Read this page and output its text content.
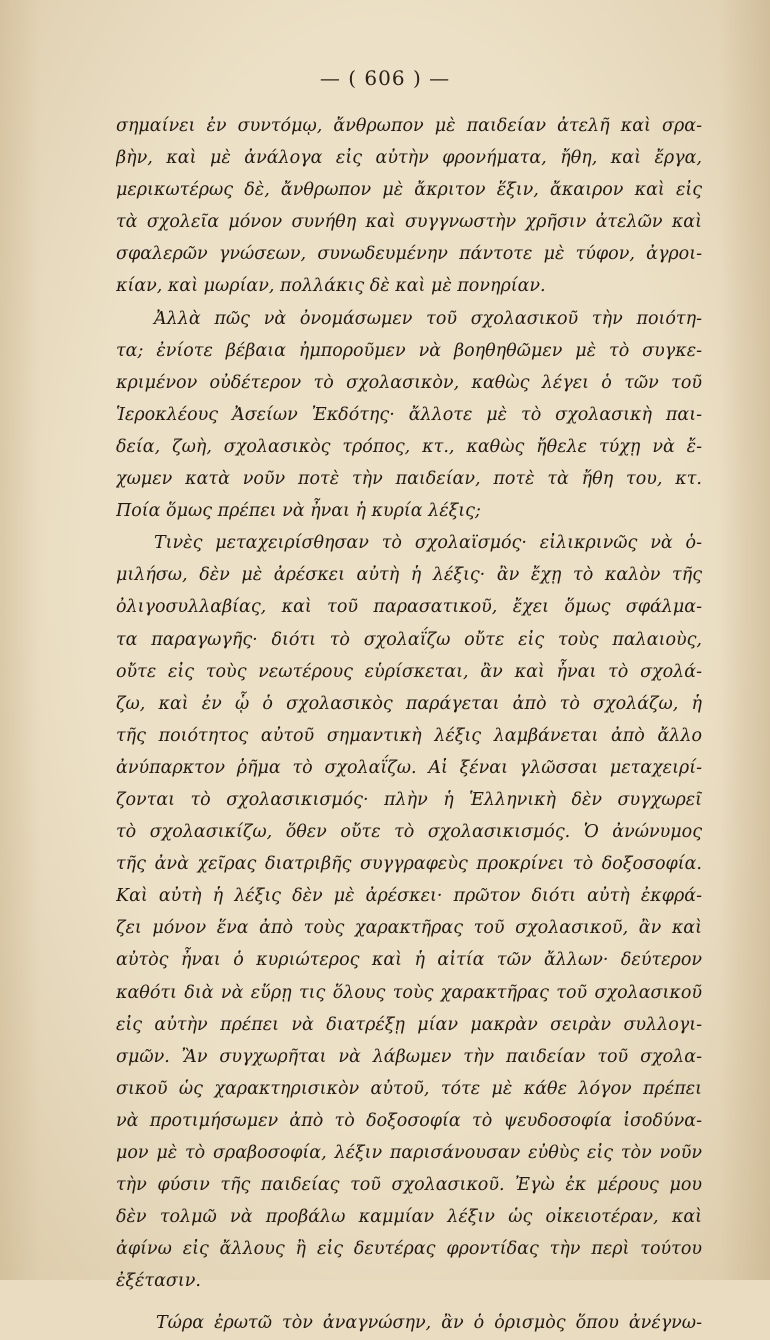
— ( 606 ) —
σημαίνει ἐν συντόμῳ, ἄνθρωπον μὲ παιδείαν ἀτελῆ καὶ σρα-
βὴν, καὶ μὲ ἀνάλογα εἰς αὐτὴν φρονήματα, ἤθη, καὶ ἔργα,
μερικωτέρως δὲ, ἄνθρωπον μὲ ἄκριτον ἕξιν, ἄκαιρον καὶ εἰς
τὰ σχολεῖα μόνον συνήθη καὶ συγγνωστὴν χρῆσιν ἀτελῶν καὶ
σφαλερῶν γνώσεων, συνωδευμένην πάντοτε μὲ τύφον, ἀγροι-
κίαν, καὶ μωρίαν, πολλάκις δὲ καὶ μὲ πονηρίαν.
Ἀλλὰ πῶς νὰ ὀνομάσωμεν τοῦ σχολασικοῦ τὴν ποιότη-
τα; ἐνίοτε βέβαια ἠμποροῦμεν νὰ βοηθηθῶμεν μὲ τὸ συγκε-
κριμένον οὐδέτερον τὸ σχολασικὸν, καθὼς λέγει ὁ τῶν τοῦ
Ἱεροκλέους Ἀσείων Ἐκδότης· ἄλλοτε μὲ τὸ σχολασικὴ παι-
δεία, ζωὴ, σχολασικὸς τρόπος, κτ., καθὼς ἤθελε τύχῃ νὰ ἔ-
χωμεν κατὰ νοῦν ποτὲ τὴν παιδείαν, ποτὲ τὰ ἤθη του, κτ.
Ποία ὅμως πρέπει νὰ ἦναι ἡ κυρία λέξις;
Τινὲς μεταχειρίσθησαν τὸ σχολαϊσμός· εἰλικρινῶς νὰ ὁ-
μιλήσω, δὲν μὲ ἀρέσκει αὐτὴ ἡ λέξις· ἂν ἔχῃ τὸ καλὸν τῆς
ὀλιγοσυλλαβίας, καὶ τοῦ παρασατικοῦ, ἔχει ὅμως σφάλμα-
τα παραγωγῆς· διότι τὸ σχολαΐζω οὔτε εἰς τοὺς παλαιοὺς,
οὔτε εἰς τοὺς νεωτέρους εὑρίσκεται, ἂν καὶ ἦναι τὸ σχολά-
ζω, καὶ ἐν ᾧ ὁ σχολασικὸς παράγεται ἀπὸ τὸ σχολάζω, ἡ
τῆς ποιότητος αὐτοῦ σημαντικὴ λέξις λαμβάνεται ἀπὸ ἄλλο
ἀνύπαρκτον ῥῆμα τὸ σχολαΐζω. Αἱ ξέναι γλῶσσαι μεταχειρί-
ζονται τὸ σχολασικισμός· πλὴν ἡ Ἑλληνικὴ δὲν συγχωρεῖ
τὸ σχολασικίζω, ὅθεν οὔτε τὸ σχολασικισμός. Ὁ ἀνώνυμος
τῆς ἀνὰ χεῖρας διατριβῆς συγγραφεὺς προκρίνει τὸ δοξοσοφία.
Καὶ αὐτὴ ἡ λέξις δὲν μὲ ἀρέσκει· πρῶτον διότι αὐτὴ ἐκφρά-
ζει μόνον ἕνα ἀπὸ τοὺς χαρακτῆρας τοῦ σχολασικοῦ, ἂν καὶ
αὐτὸς ἦναι ὁ κυριώτερος καὶ ἡ αἰτία τῶν ἄλλων· δεύτερον
καθότι διὰ νὰ εὕρῃ τις ὅλους τοὺς χαρακτῆρας τοῦ σχολασικοῦ
εἰς αὐτὴν πρέπει νὰ διατρέξῃ μίαν μακρὰν σειρὰν συλλογι-
σμῶν. Ἂν συγχωρῆται νὰ λάβωμεν τὴν παιδείαν τοῦ σχολα-
σικοῦ ὡς χαρακτηρισικὸν αὐτοῦ, τότε μὲ κάθε λόγον πρέπει
νὰ προτιμήσωμεν ἀπὸ τὸ δοξοσοφία τὸ ψευδοσοφία ἰσοδύνα-
μον μὲ τὸ σραβοσοφία, λέξιν παρισάνουσαν εὐθὺς εἰς τὸν νοῦν
τὴν φύσιν τῆς παιδείας τοῦ σχολασικοῦ. Ἐγὼ ἐκ μέρους μου
δὲν τολμῶ νὰ προβάλω καμμίαν λέξιν ὡς οἰκειοτέραν, καὶ
ἀφίνω εἰς ἄλλους ἢ εἰς δευτέρας φροντίδας τὴν περὶ τούτου
ἐξέτασιν.
Τώρα ἐρωτῶ τὸν ἀναγνώσην, ἂν ὁ ὁρισμὸς ὅπου ἀνέγνω-
